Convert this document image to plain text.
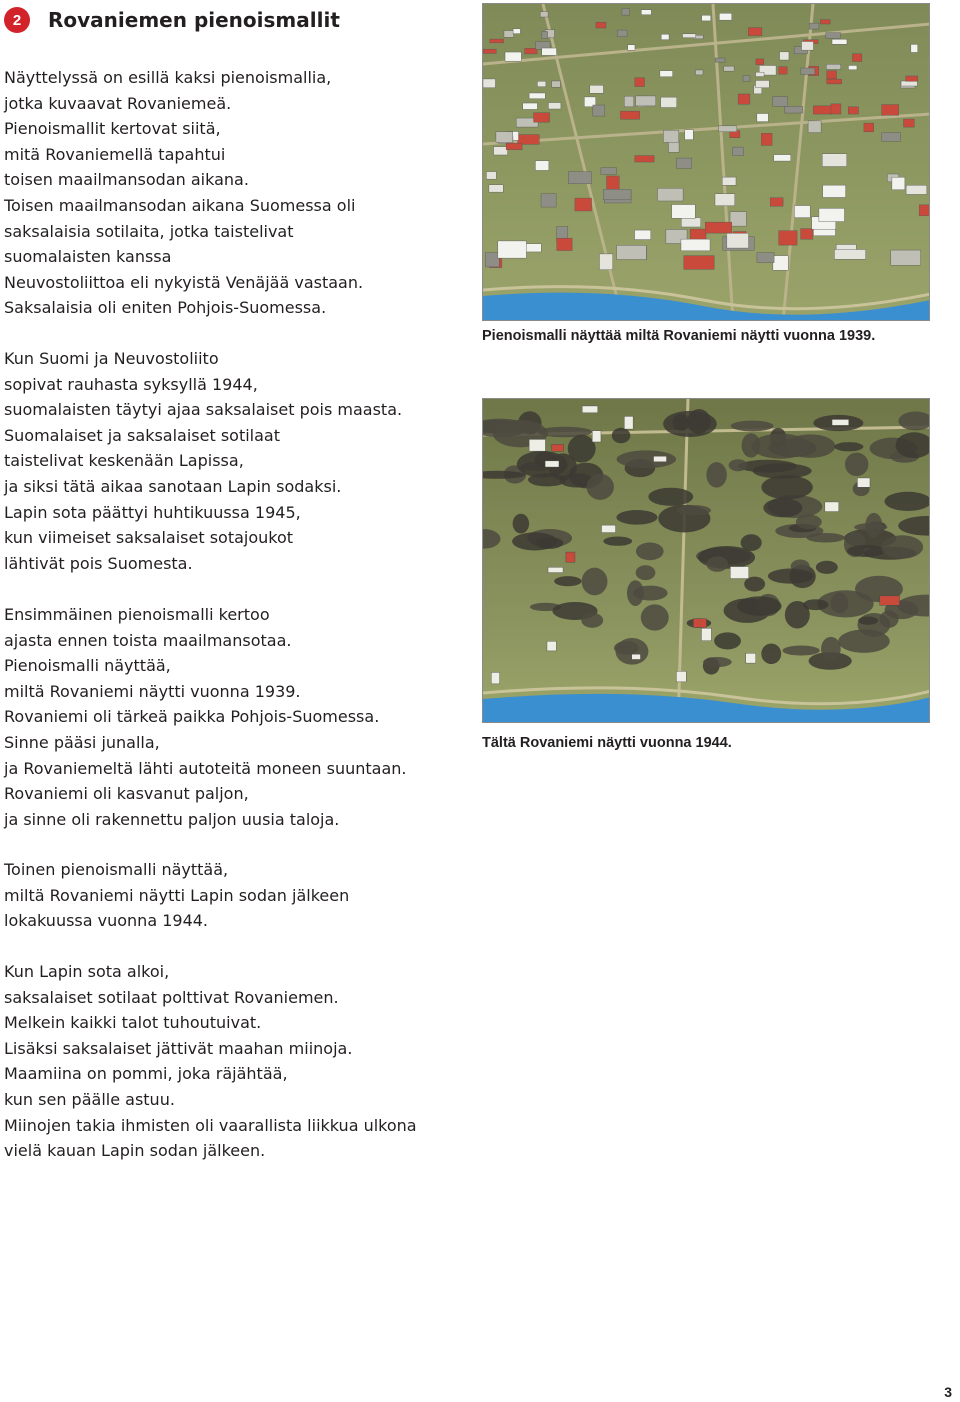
2	Rovaniemen pienoismallit
Näyttelyssä on esillä kaksi pienoismallia,
jotka kuvaavat Rovaniemeä.
Pienoismallit kertovat siitä,
mitä Rovaniemellä tapahtui
toisen maailmansodan aikana.
Toisen maailmansodan aikana Suomessa oli
saksalaisia sotilaita, jotka taistelivat
suomalaisten kanssa
Neuvostoliittoa eli nykyistä Venäjää vastaan.
Saksalaisia oli eniten Pohjois-Suomessa.
Kun Suomi ja Neuvostoliito
sopivat rauhasta syksyllä 1944,
suomalaisten täytyi ajaa saksalaiset pois maasta.
Suomalaiset ja saksalaiset sotilaat
taistelivat keskenään Lapissa,
ja siksi tätä aikaa sanotaan Lapin sodaksi.
Lapin sota päättyi huhtikuussa 1945,
kun viimeiset saksalaiset sotajoukot
lähtivät pois Suomesta.
Ensimmäinen pienoismalli kertoo
ajasta ennen toista maailmansotaa.
Pienoismalli näyttää,
miltä Rovaniemi näytti vuonna 1939.
Rovaniemi oli tärkeä paikka Pohjois-Suomessa.
Sinne pääsi junalla,
ja Rovaniemeltä lähti autoteitä moneen suuntaan.
Rovaniemi oli kasvanut paljon,
ja sinne oli rakennettu paljon uusia taloja.
Toinen pienoismalli näyttää,
miltä Rovaniemi näytti Lapin sodan jälkeen
lokakuussa vuonna 1944.
Kun Lapin sota alkoi,
saksalaiset sotilaat polttivat Rovaniemen.
Melkein kaikki talot tuhoutuivat.
Lisäksi saksalaiset jättivät maahan miinoja.
Maamiina on pommi, joka räjähtää,
kun sen päälle astuu.
Miinojen takia ihmisten oli vaarallista liikkua ulkona
vielä kauan Lapin sodan jälkeen.
Pienoismalli näyttää miltä Rovaniemi näytti vuonna 1939.
Tältä Rovaniemi näytti vuonna 1944.
3
